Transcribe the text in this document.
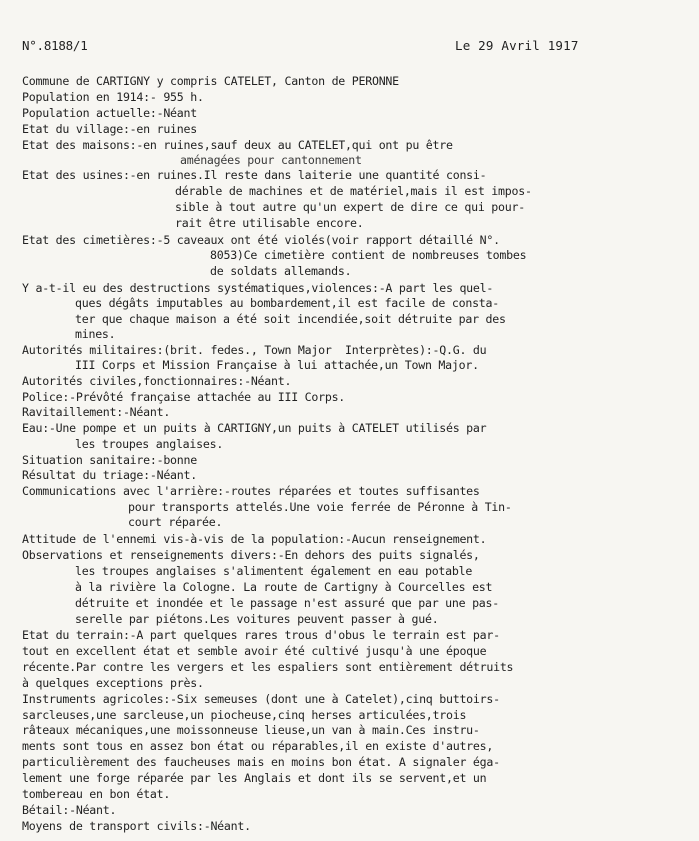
N°.8188/1	Le 29 Avril 1917

Commune de CARTIGNY y compris CATELET, Canton de PERONNE

Population en 1914:- 955 h.

Population actuelle:-Néant

Etat du village:-en ruines

Etat des maisons:-en ruines,sauf deux au CATELET,qui ont pu être

aménagées pour cantonnement

Etat des usines:-en ruines.Il reste dans laiterie une quantité consi-

dérable de machines et de matériel,mais il est impos-

sible à tout autre qu'un expert de dire ce qui pour-

rait être utilisable encore.

Etat des cimetières:-5 caveaux ont été violés(voir rapport détaillé N°.

8053)Ce cimetière contient de nombreuses tombes

de soldats allemands.

Y a-t-il eu des destructions systématiques,violences:-A part les quel-

ques dégâts imputables au bombardement,il est facile de consta-

ter que chaque maison a été soit incendiée,soit détruite par des

mines.

Autorités militaires:(brit. fedes., Town Major  Interprètes):-Q.G. du

III Corps et Mission Française à lui attachée,un Town Major.

Autorités civiles,fonctionnaires:-Néant.

Police:-Prévôté française attachée au III Corps.

Ravitaillement:-Néant.

Eau:-Une pompe et un puits à CARTIGNY,un puits à CATELET utilisés par

les troupes anglaises.

Situation sanitaire:-bonne

Résultat du triage:-Néant.

Communications avec l'arrière:-routes réparées et toutes suffisantes

pour transports attelés.Une voie ferrée de Péronne à Tin-

court réparée.

Attitude de l'ennemi vis-à-vis de la population:-Aucun renseignement.

Observations et renseignements divers:-En dehors des puits signalés,

les troupes anglaises s'alimentent également en eau potable

à la rivière la Cologne. La route de Cartigny à Courcelles est

détruite et inondée et le passage n'est assuré que par une pas-

serelle par piétons.Les voitures peuvent passer à gué.

Etat du terrain:-A part quelques rares trous d'obus le terrain est par-

tout en excellent état et semble avoir été cultivé jusqu'à une époque

récente.Par contre les vergers et les espaliers sont entièrement détruits

à quelques exceptions près.

Instruments agricoles:-Six semeuses (dont une à Catelet),cinq buttoirs-

sarcleuses,une sarcleuse,un piocheuse,cinq herses articulées,trois

râteaux mécaniques,une moissonneuse lieuse,un van à main.Ces instru-

ments sont tous en assez bon état ou réparables,il en existe d'autres,

particulièrement des faucheuses mais en moins bon état. A signaler éga-

lement une forge réparée par les Anglais et dont ils se servent,et un

tombereau en bon état.

Bétail:-Néant.

Moyens de transport civils:-Néant.
